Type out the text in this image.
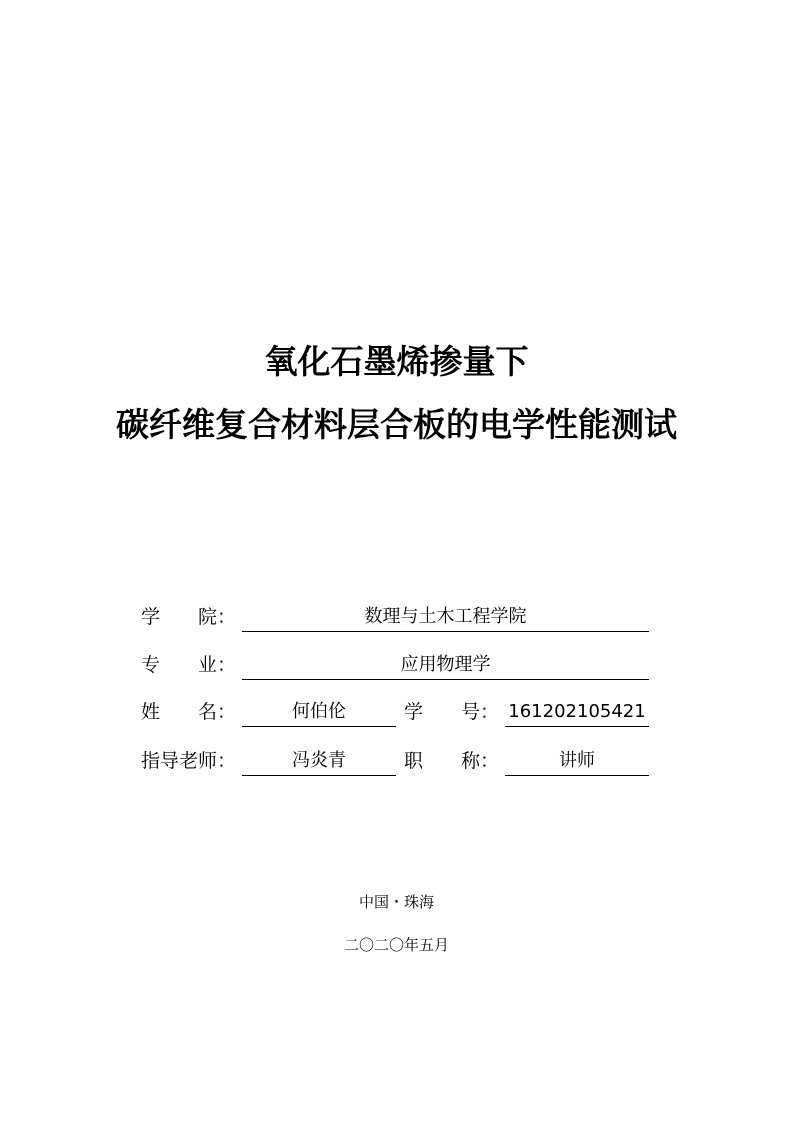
氧化石墨烯掺量下
碳纤维复合材料层合板的电学性能测试
学　　院：	数理与土木工程学院
专　　业：	应用物理学
姓　　名：	何伯伦	学　　号： 161202105421
指导老师：	冯炎青	职　　称：	讲师
中国・珠海
二〇二〇年五月
